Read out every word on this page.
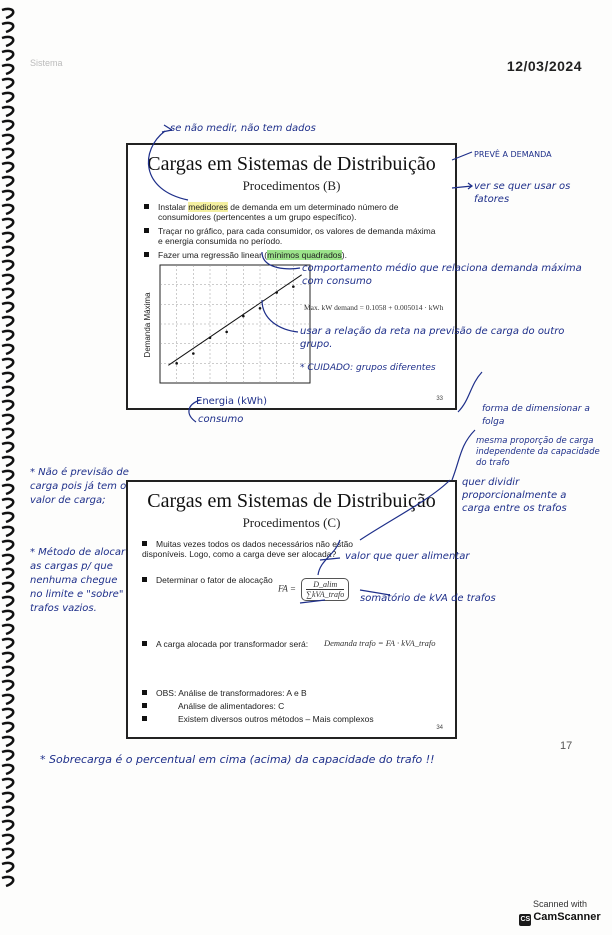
Sistema	12/03/2024
Cargas em Sistemas de Distribuição
Procedimentos (B)
Instalar medidores de demanda em um determinado número de consumidores (pertencentes a um grupo específico).
Traçar no gráfico, para cada consumidor, os valores de demanda máxima e energia consumida no período.
Fazer uma regressão linear (mínimos quadrados).
Demanda Máxima	Max. kW demand = 0.1058 + 0.005014 · kWh
33
Energia (kWh)
Cargas em Sistemas de Distribuição
Procedimentos (C)
Muitas vezes todos os dados necessários não estão disponíveis. Logo, como a carga deve ser alocada?
Determinar o fator de alocação
FA = $\frac{D\_alim}{\text{∑kVA\_trafo}}$
A carga alocada por transformador será: Demanda trafo = FA · kVA_trafo
OBS: Análise de transformadores: A e B
Análise de alimentadores: C
Existem diversos outros métodos – Mais complexos
34
se não medir, não tem dados
PREVÊ A DEMANDA
ver se quer usar os fatores
comportamento médio que relaciona demanda máxima com consumo
usar a relação da reta na previsão de carga do outro grupo.
* CUIDADO: grupos diferentes
consumo
forma de dimensionar a folga
mesma proporção de carga independente da capacidade do trafo
quer dividir proporcionalmente a carga entre os trafos
* Não é previsão de carga pois já tem o valor de carga;
* Método de alocar as cargas p/ que nenhuma chegue no limite e "sobre" trafos vazios.
valor que quer alimentar
somatório de kVA de trafos
17
* Sobrecarga é o percentual em cima (acima) da capacidade do trafo !!
Scanned with
CS CamScanner
